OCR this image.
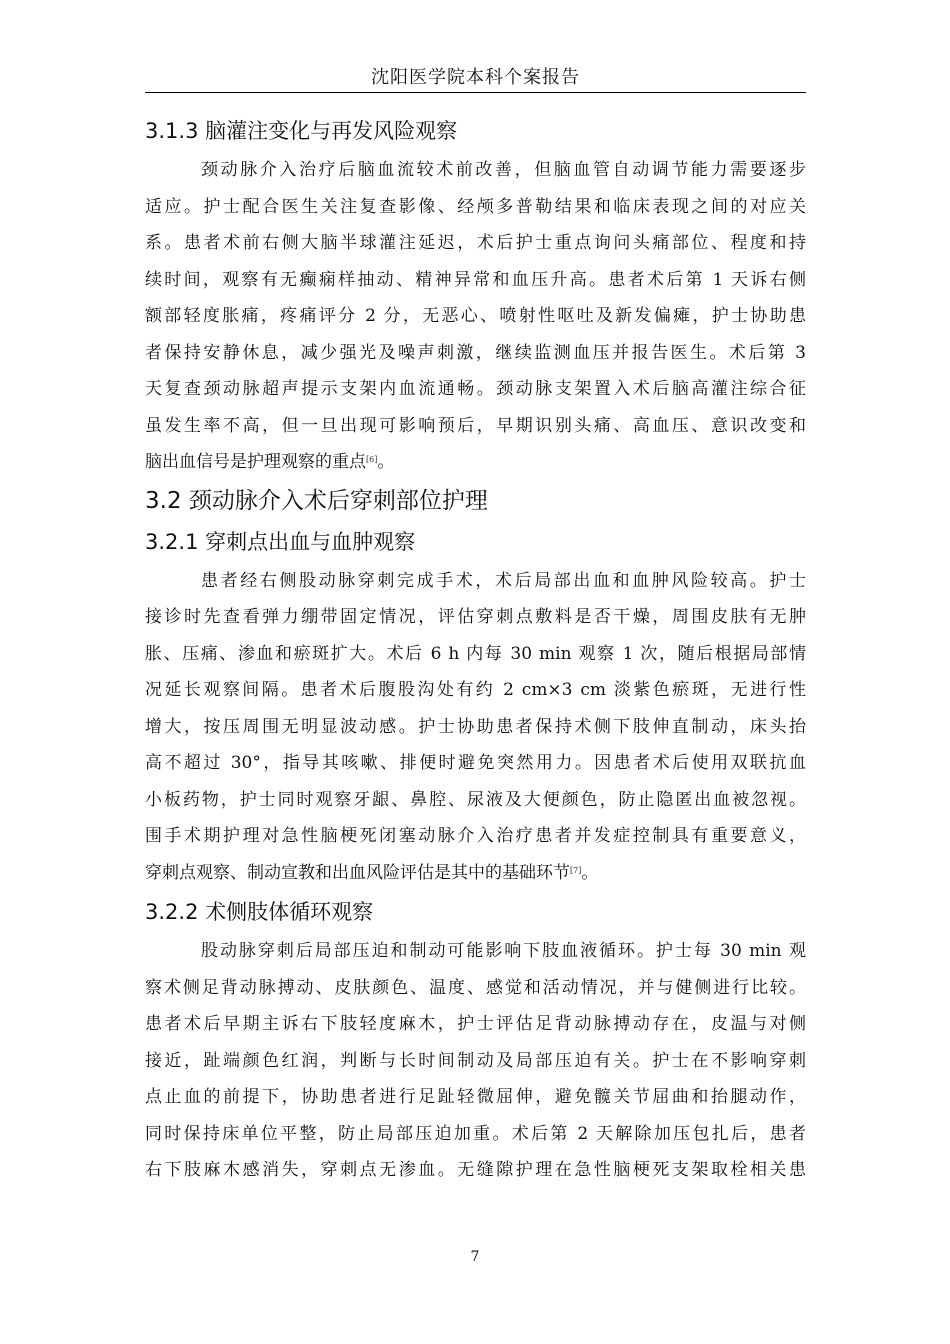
沈阳医学院本科个案报告
3.1.3 脑灌注变化与再发风险观察

颈动脉介入治疗后脑血流较术前改善，但脑血管自动调节能力需要逐步

适应。护士配合医生关注复查影像、经颅多普勒结果和临床表现之间的对应关

系。患者术前右侧大脑半球灌注延迟，术后护士重点询问头痛部位、程度和持

续时间，观察有无癫痫样抽动、精神异常和血压升高。患者术后第 1 天诉右侧

额部轻度胀痛，疼痛评分 2 分，无恶心、喷射性呕吐及新发偏瘫，护士协助患

者保持安静休息，减少强光及噪声刺激，继续监测血压并报告医生。术后第 3

天复查颈动脉超声提示支架内血流通畅。颈动脉支架置入术后脑高灌注综合征

虽发生率不高，但一旦出现可影响预后，早期识别头痛、高血压、意识改变和

脑出血信号是护理观察的重点[6]。

3.2 颈动脉介入术后穿刺部位护理
3.2.1 穿刺点出血与血肿观察

患者经右侧股动脉穿刺完成手术，术后局部出血和血肿风险较高。护士

接诊时先查看弹力绷带固定情况，评估穿刺点敷料是否干燥，周围皮肤有无肿

胀、压痛、渗血和瘀斑扩大。术后 6 h 内每 30 min 观察 1 次，随后根据局部情

况延长观察间隔。患者术后腹股沟处有约 2 cm×3 cm 淡紫色瘀斑，无进行性

增大，按压周围无明显波动感。护士协助患者保持术侧下肢伸直制动，床头抬

高不超过 30°，指导其咳嗽、排便时避免突然用力。因患者术后使用双联抗血

小板药物，护士同时观察牙龈、鼻腔、尿液及大便颜色，防止隐匿出血被忽视。

围手术期护理对急性脑梗死闭塞动脉介入治疗患者并发症控制具有重要意义，

穿刺点观察、制动宣教和出血风险评估是其中的基础环节[7]。

3.2.2 术侧肢体循环观察

股动脉穿刺后局部压迫和制动可能影响下肢血液循环。护士每 30 min 观

察术侧足背动脉搏动、皮肤颜色、温度、感觉和活动情况，并与健侧进行比较。

患者术后早期主诉右下肢轻度麻木，护士评估足背动脉搏动存在，皮温与对侧

接近，趾端颜色红润，判断与长时间制动及局部压迫有关。护士在不影响穿刺

点止血的前提下，协助患者进行足趾轻微屈伸，避免髋关节屈曲和抬腿动作，

同时保持床单位平整，防止局部压迫加重。术后第 2 天解除加压包扎后，患者

右下肢麻木感消失，穿刺点无渗血。无缝隙护理在急性脑梗死支架取栓相关患

7
